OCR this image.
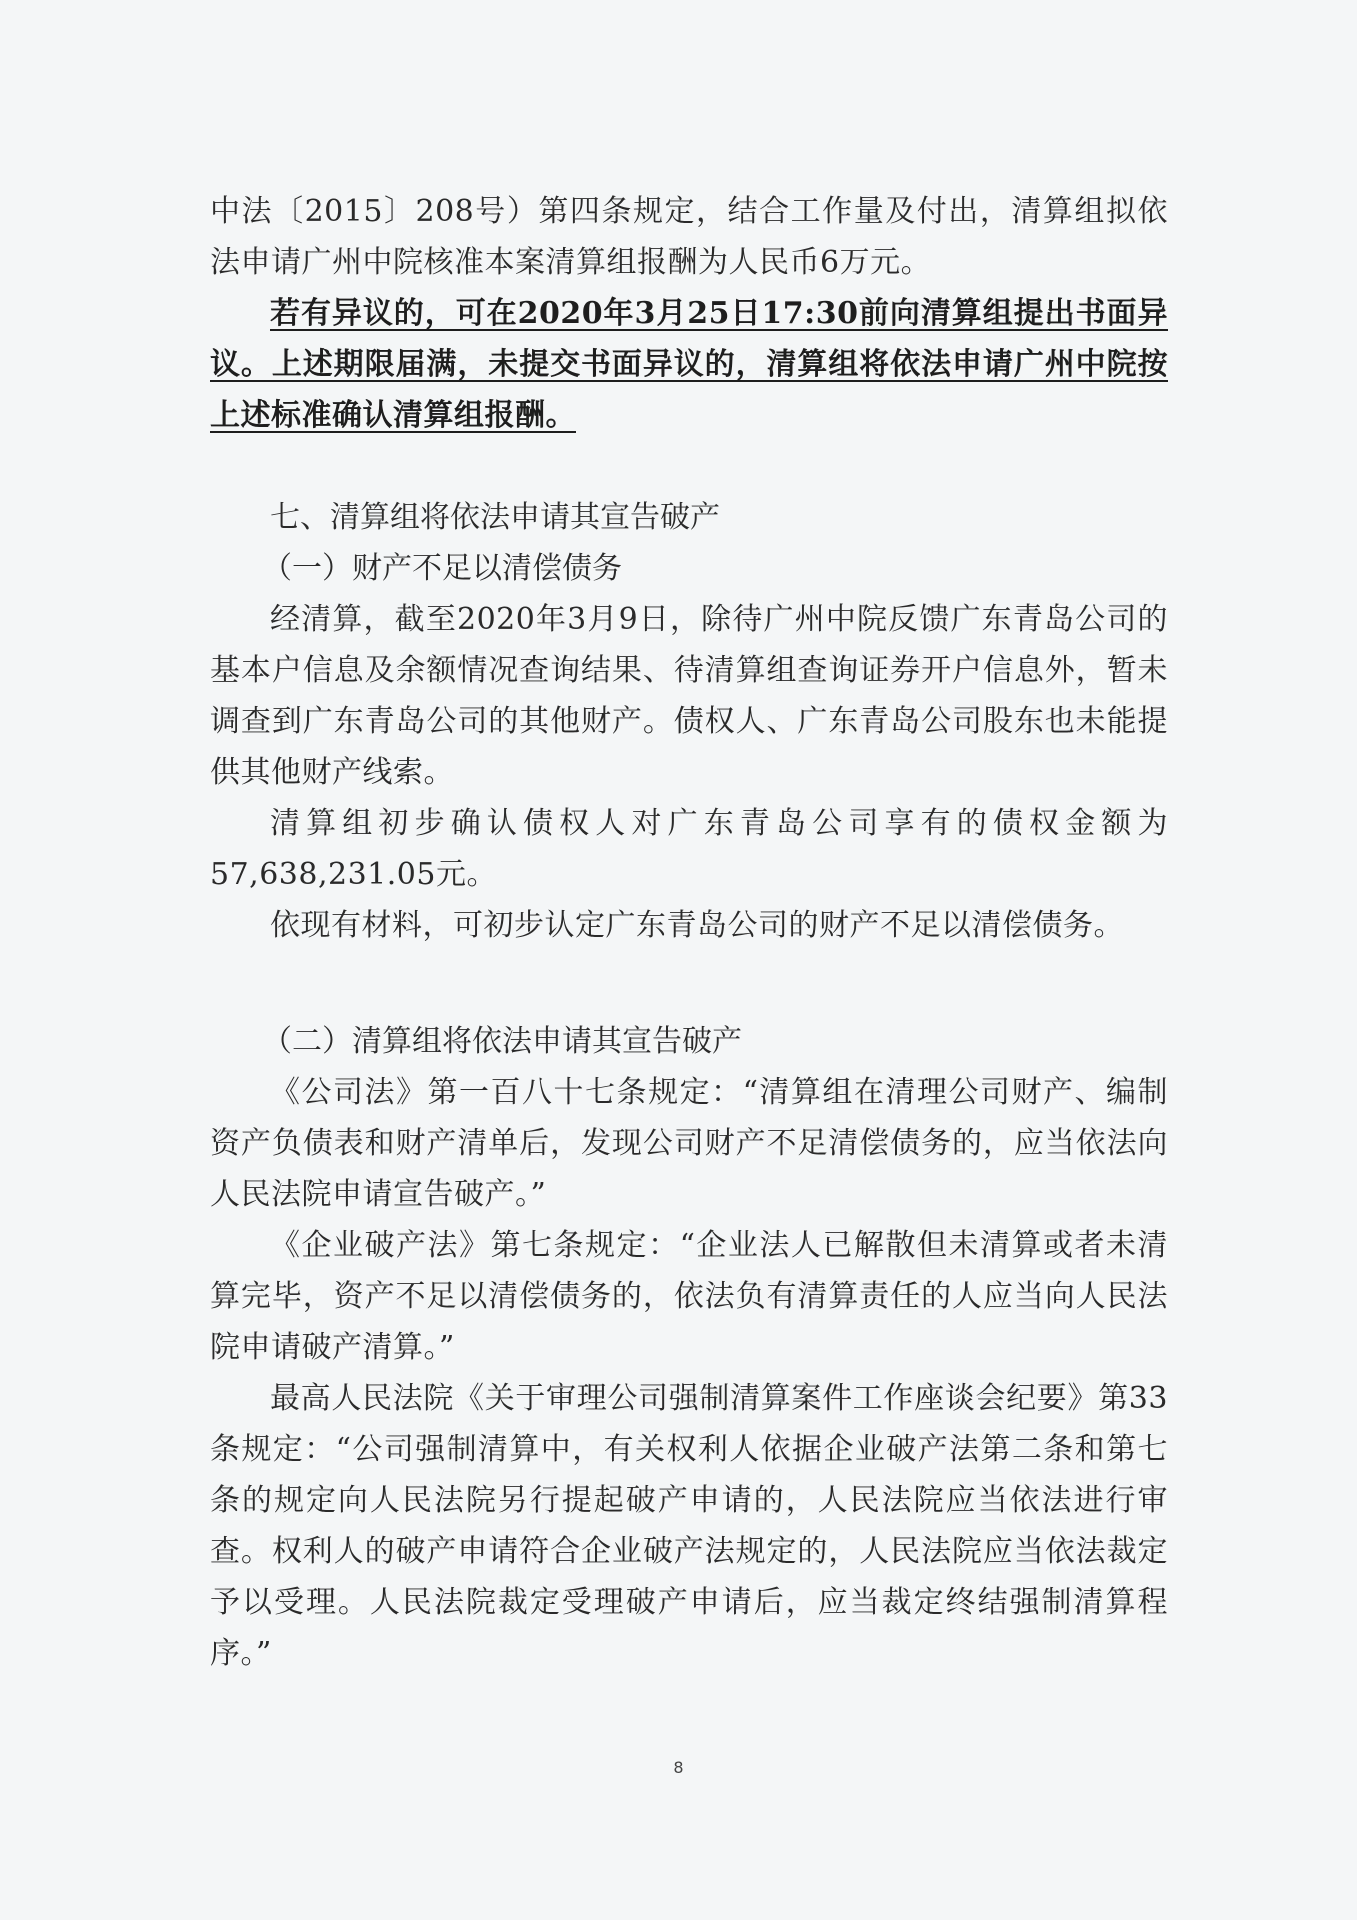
中法〔2015〕208号）第四条规定，结合工作量及付出，清算组拟依法申请广州中院核准本案清算组报酬为人民币6万元。

若有异议的，可在2020年3月25日17:30前向清算组提出书面异议。上述期限届满，未提交书面异议的，清算组将依法申请广州中院按上述标准确认清算组报酬。

七、清算组将依法申请其宣告破产

（一）财产不足以清偿债务

经清算，截至2020年3月9日，除待广州中院反馈广东青岛公司的基本户信息及余额情况查询结果、待清算组查询证券开户信息外，暂未调查到广东青岛公司的其他财产。债权人、广东青岛公司股东也未能提供其他财产线索。

清算组初步确认债权人对广东青岛公司享有的债权金额为57,638,231.05元。

依现有材料，可初步认定广东青岛公司的财产不足以清偿债务。

（二）清算组将依法申请其宣告破产

《公司法》第一百八十七条规定：“清算组在清理公司财产、编制资产负债表和财产清单后，发现公司财产不足清偿债务的，应当依法向人民法院申请宣告破产。”

《企业破产法》第七条规定：“企业法人已解散但未清算或者未清算完毕，资产不足以清偿债务的，依法负有清算责任的人应当向人民法院申请破产清算。”

最高人民法院《关于审理公司强制清算案件工作座谈会纪要》第33条规定：“公司强制清算中，有关权利人依据企业破产法第二条和第七条的规定向人民法院另行提起破产申请的，人民法院应当依法进行审查。权利人的破产申请符合企业破产法规定的，人民法院应当依法裁定予以受理。人民法院裁定受理破产申请后，应当裁定终结强制清算程序。”

8
